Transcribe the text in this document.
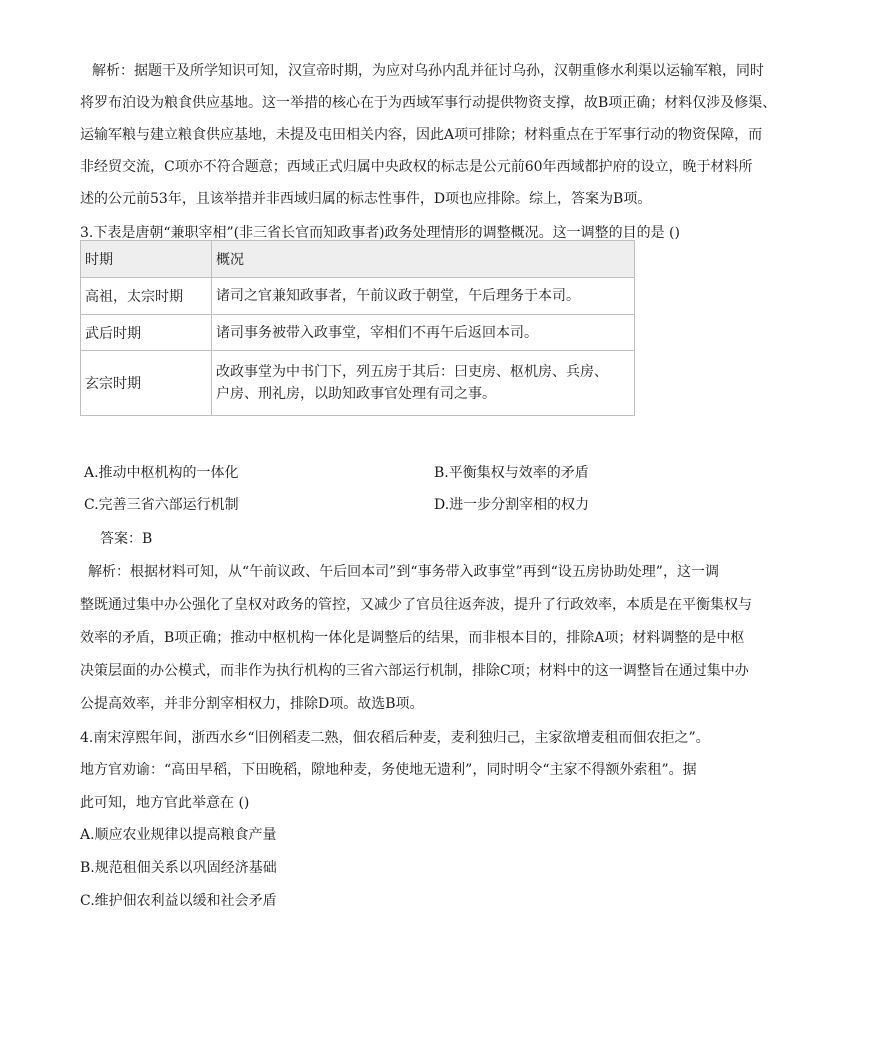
解析：据题干及所学知识可知，汉宣帝时期，为应对乌孙内乱并征讨乌孙，汉朝重修水利渠以运输军粮，同时
将罗布泊设为粮食供应基地。这一举措的核心在于为西域军事行动提供物资支撑，故B项正确；材料仅涉及修渠、
运输军粮与建立粮食供应基地，未提及屯田相关内容，因此A项可排除；材料重点在于军事行动的物资保障，而
非经贸交流，C项亦不符合题意；西域正式归属中央政权的标志是公元前60年西域都护府的设立，晚于材料所
述的公元前53年，且该举措并非西域归属的标志性事件，D项也应排除。综上，答案为B项。
3.下表是唐朝“兼职宰相”(非三省长官而知政事者)政务处理情形的调整概况。这一调整的目的是 ()
时期	概况
高祖，太宗时期	诸司之官兼知政事者，午前议政于朝堂，午后理务于本司。

武后时期	诸司事务被带入政事堂，宰相们不再午后返回本司。

玄宗时期	改政事堂为中书门下，列五房于其后：曰吏房、枢机房、兵房、
户房、刑礼房，以助知政事官处理有司之事。
A.推动中枢机构的一体化	B.平衡集权与效率的矛盾
C.完善三省六部运行机制	D.进一步分割宰相的权力
答案：B
解析：根据材料可知，从“午前议政、午后回本司”到“事务带入政事堂”再到“设五房协助处理”，这一调
整既通过集中办公强化了皇权对政务的管控，又减少了官员往返奔波，提升了行政效率，本质是在平衡集权与
效率的矛盾，B项正确；推动中枢机构一体化是调整后的结果，而非根本目的，排除A项；材料调整的是中枢
决策层面的办公模式，而非作为执行机构的三省六部运行机制，排除C项；材料中的这一调整旨在通过集中办
公提高效率，并非分割宰相权力，排除D项。故选B项。
4.南宋淳熙年间，浙西水乡“旧例稻麦二熟，佃农稻后种麦，麦利独归己，主家欲增麦租而佃农拒之”。
地方官劝谕：“高田早稻，下田晚稻，隙地种麦，务使地无遗利”，同时明令“主家不得额外索租”。据
此可知，地方官此举意在 ()
A.顺应农业规律以提高粮食产量
B.规范租佃关系以巩固经济基础
C.维护佃农利益以缓和社会矛盾
